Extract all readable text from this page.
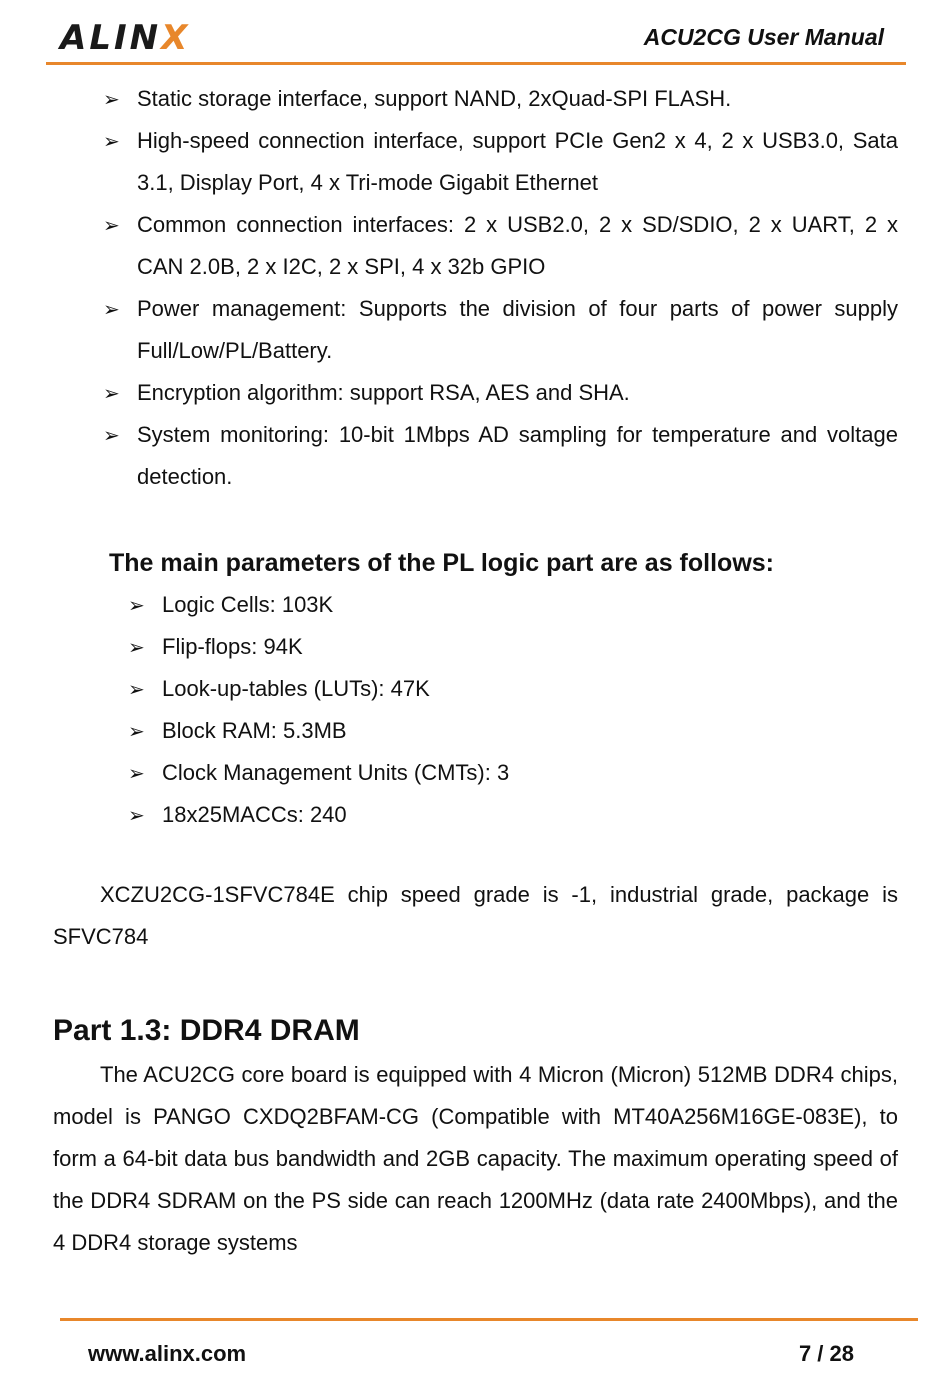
ALINX	ACU2CG User Manual
➢ Static storage interface, support NAND, 2xQuad-SPI FLASH.
➢ High-speed connection interface, support PCIe Gen2 x 4, 2 x USB3.0, Sata 3.1, Display Port, 4 x Tri-mode Gigabit Ethernet
➢ Common connection interfaces: 2 x USB2.0, 2 x SD/SDIO, 2 x UART, 2 x CAN 2.0B, 2 x I2C, 2 x SPI, 4 x 32b GPIO
➢ Power management: Supports the division of four parts of power supply Full/Low/PL/Battery.
➢ Encryption algorithm: support RSA, AES and SHA.
➢ System monitoring: 10-bit 1Mbps AD sampling for temperature and voltage detection.
The main parameters of the PL logic part are as follows:
➢ Logic Cells: 103K
➢ Flip-flops: 94K
➢ Look-up-tables (LUTs): 47K
➢ Block RAM: 5.3MB
➢ Clock Management Units (CMTs): 3
➢ 18x25MACCs: 240

XCZU2CG-1SFVC784E chip speed grade is -1, industrial grade, package is SFVC784

Part 1.3: DDR4 DRAM

The ACU2CG core board is equipped with 4 Micron (Micron) 512MB DDR4 chips, model is PANGO CXDQ2BFAM-CG (Compatible with MT40A256M16GE-083E), to form a 64-bit data bus bandwidth and 2GB capacity. The maximum operating speed of the DDR4 SDRAM on the PS side can reach 1200MHz (data rate 2400Mbps), and the 4 DDR4 storage systems

www.alinx.com	7 / 28
